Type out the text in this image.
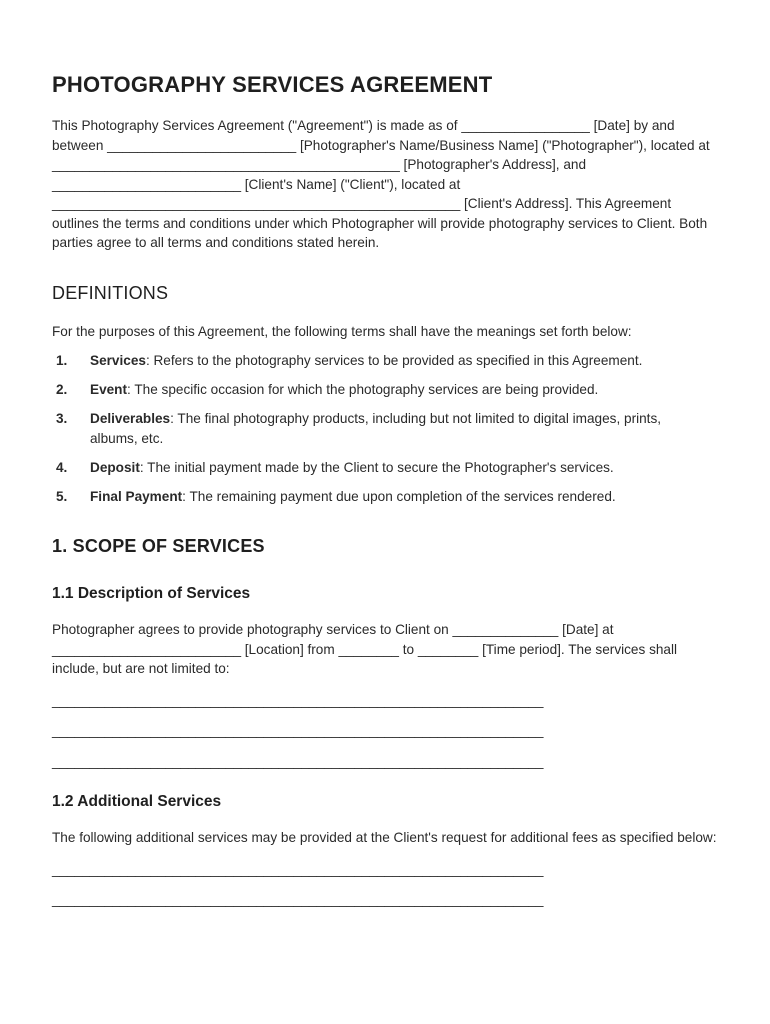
PHOTOGRAPHY SERVICES AGREEMENT

This Photography Services Agreement ("Agreement") is made as of _________________ [Date] by and between _________________________ [Photographer's Name/Business Name] ("Photographer"), located at ______________________________________________ [Photographer's Address], and _________________________ [Client's Name] ("Client"), located at ______________________________________________________ [Client's Address]. This Agreement outlines the terms and conditions under which Photographer will provide photography services to Client. Both parties agree to all terms and conditions stated herein.

DEFINITIONS

For the purposes of this Agreement, the following terms shall have the meanings set forth below:

1.	Services: Refers to the photography services to be provided as specified in this Agreement.
2.	Event: The specific occasion for which the photography services are being provided.
3.	Deliverables: The final photography products, including but not limited to digital images, prints, albums, etc.
4.	Deposit: The initial payment made by the Client to secure the Photographer's services.
5.	Final Payment: The remaining payment due upon completion of the services rendered.
1. SCOPE OF SERVICES
1.1 Description of Services

Photographer agrees to provide photography services to Client on ______________ [Date] at _________________________ [Location] from ________ to ________ [Time period]. The services shall include, but are not limited to:

_________________________________________________________________
_________________________________________________________________
_________________________________________________________________
1.2 Additional Services

The following additional services may be provided at the Client's request for additional fees as specified below:

_________________________________________________________________
_________________________________________________________________
